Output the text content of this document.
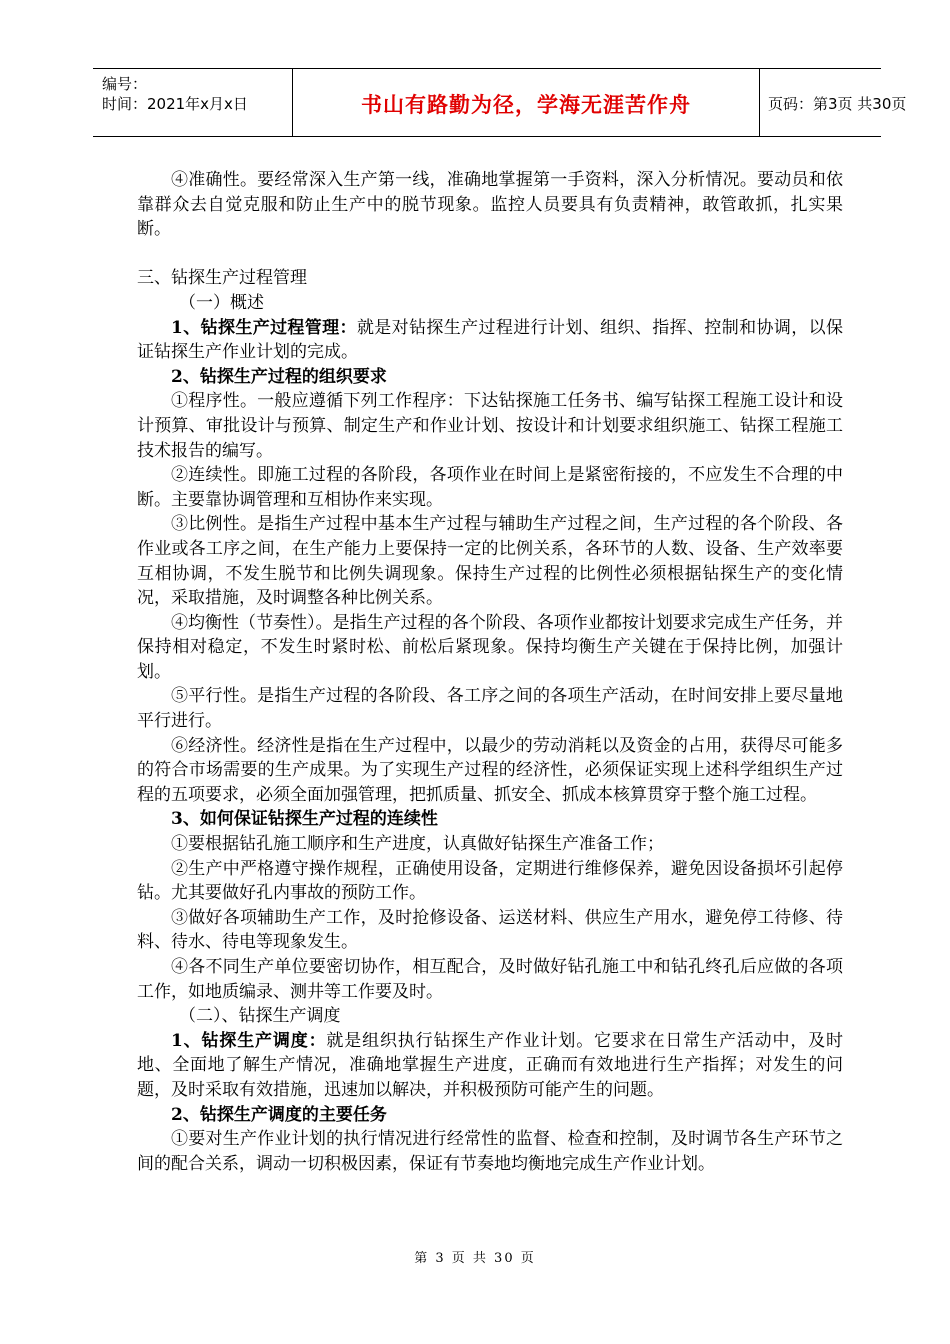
编号：
时间：2021年x月x日	书山有路勤为径，学海无涯苦作舟	页码：第3页 共30页

④准确性。要经常深入生产第一线，准确地掌握第一手资料，深入分析情况。要动员和依靠群众去自觉克服和防止生产中的脱节现象。监控人员要具有负责精神，敢管敢抓，扎实果断。

三、钻探生产过程管理

（一）概述

1、钻探生产过程管理：就是对钻探生产过程进行计划、组织、指挥、控制和协调，以保证钻探生产作业计划的完成。

2、钻探生产过程的组织要求

①程序性。一般应遵循下列工作程序：下达钻探施工任务书、编写钻探工程施工设计和设计预算、审批设计与预算、制定生产和作业计划、按设计和计划要求组织施工、钻探工程施工技术报告的编写。

②连续性。即施工过程的各阶段，各项作业在时间上是紧密衔接的，不应发生不合理的中断。主要靠协调管理和互相协作来实现。

③比例性。是指生产过程中基本生产过程与辅助生产过程之间，生产过程的各个阶段、各作业或各工序之间，在生产能力上要保持一定的比例关系，各环节的人数、设备、生产效率要互相协调，不发生脱节和比例失调现象。保持生产过程的比例性必须根据钻探生产的变化情况，采取措施，及时调整各种比例关系。

④均衡性（节奏性）。是指生产过程的各个阶段、各项作业都按计划要求完成生产任务，并保持相对稳定，不发生时紧时松、前松后紧现象。保持均衡生产关键在于保持比例，加强计划。

⑤平行性。是指生产过程的各阶段、各工序之间的各项生产活动，在时间安排上要尽量地平行进行。

⑥经济性。经济性是指在生产过程中，以最少的劳动消耗以及资金的占用，获得尽可能多的符合市场需要的生产成果。为了实现生产过程的经济性，必须保证实现上述科学组织生产过程的五项要求，必须全面加强管理，把抓质量、抓安全、抓成本核算贯穿于整个施工过程。

3、如何保证钻探生产过程的连续性

①要根据钻孔施工顺序和生产进度，认真做好钻探生产准备工作；

②生产中严格遵守操作规程，正确使用设备，定期进行维修保养，避免因设备损坏引起停钻。尤其要做好孔内事故的预防工作。

③做好各项辅助生产工作，及时抢修设备、运送材料、供应生产用水，避免停工待修、待料、待水、待电等现象发生。

④各不同生产单位要密切协作，相互配合，及时做好钻孔施工中和钻孔终孔后应做的各项工作，如地质编录、测井等工作要及时。

（二）、钻探生产调度

1、钻探生产调度：就是组织执行钻探生产作业计划。它要求在日常生产活动中，及时地、全面地了解生产情况，准确地掌握生产进度，正确而有效地进行生产指挥；对发生的问题，及时采取有效措施，迅速加以解决，并积极预防可能产生的问题。

2、钻探生产调度的主要任务

①要对生产作业计划的执行情况进行经常性的监督、检查和控制，及时调节各生产环节之间的配合关系，调动一切积极因素，保证有节奏地均衡地完成生产作业计划。

第 3 页 共 30 页
